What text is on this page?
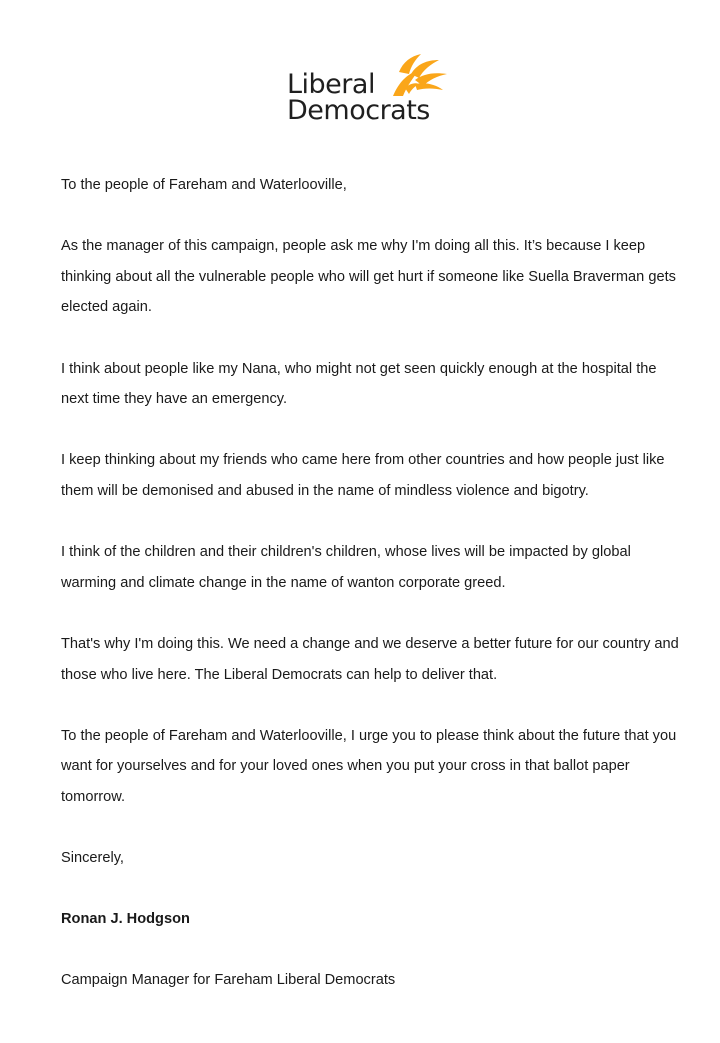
Liberal
Democrats

To the people of Fareham and Waterlooville,

As the manager of this campaign, people ask me why I'm doing all this. It’s because I keep thinking about all the vulnerable people who will get hurt if someone like Suella Braverman gets elected again.

I think about people like my Nana, who might not get seen quickly enough at the hospital the next time they have an emergency.

I keep thinking about my friends who came here from other countries and how people just like them will be demonised and abused in the name of mindless violence and bigotry.

I think of the children and their children's children, whose lives will be impacted by global warming and climate change in the name of wanton corporate greed.

That's why I'm doing this. We need a change and we deserve a better future for our country and those who live here. The Liberal Democrats can help to deliver that.

To the people of Fareham and Waterlooville, I urge you to please think about the future that you want for yourselves and for your loved ones when you put your cross in that ballot paper tomorrow.

Sincerely,

Ronan J. Hodgson

Campaign Manager for Fareham Liberal Democrats
